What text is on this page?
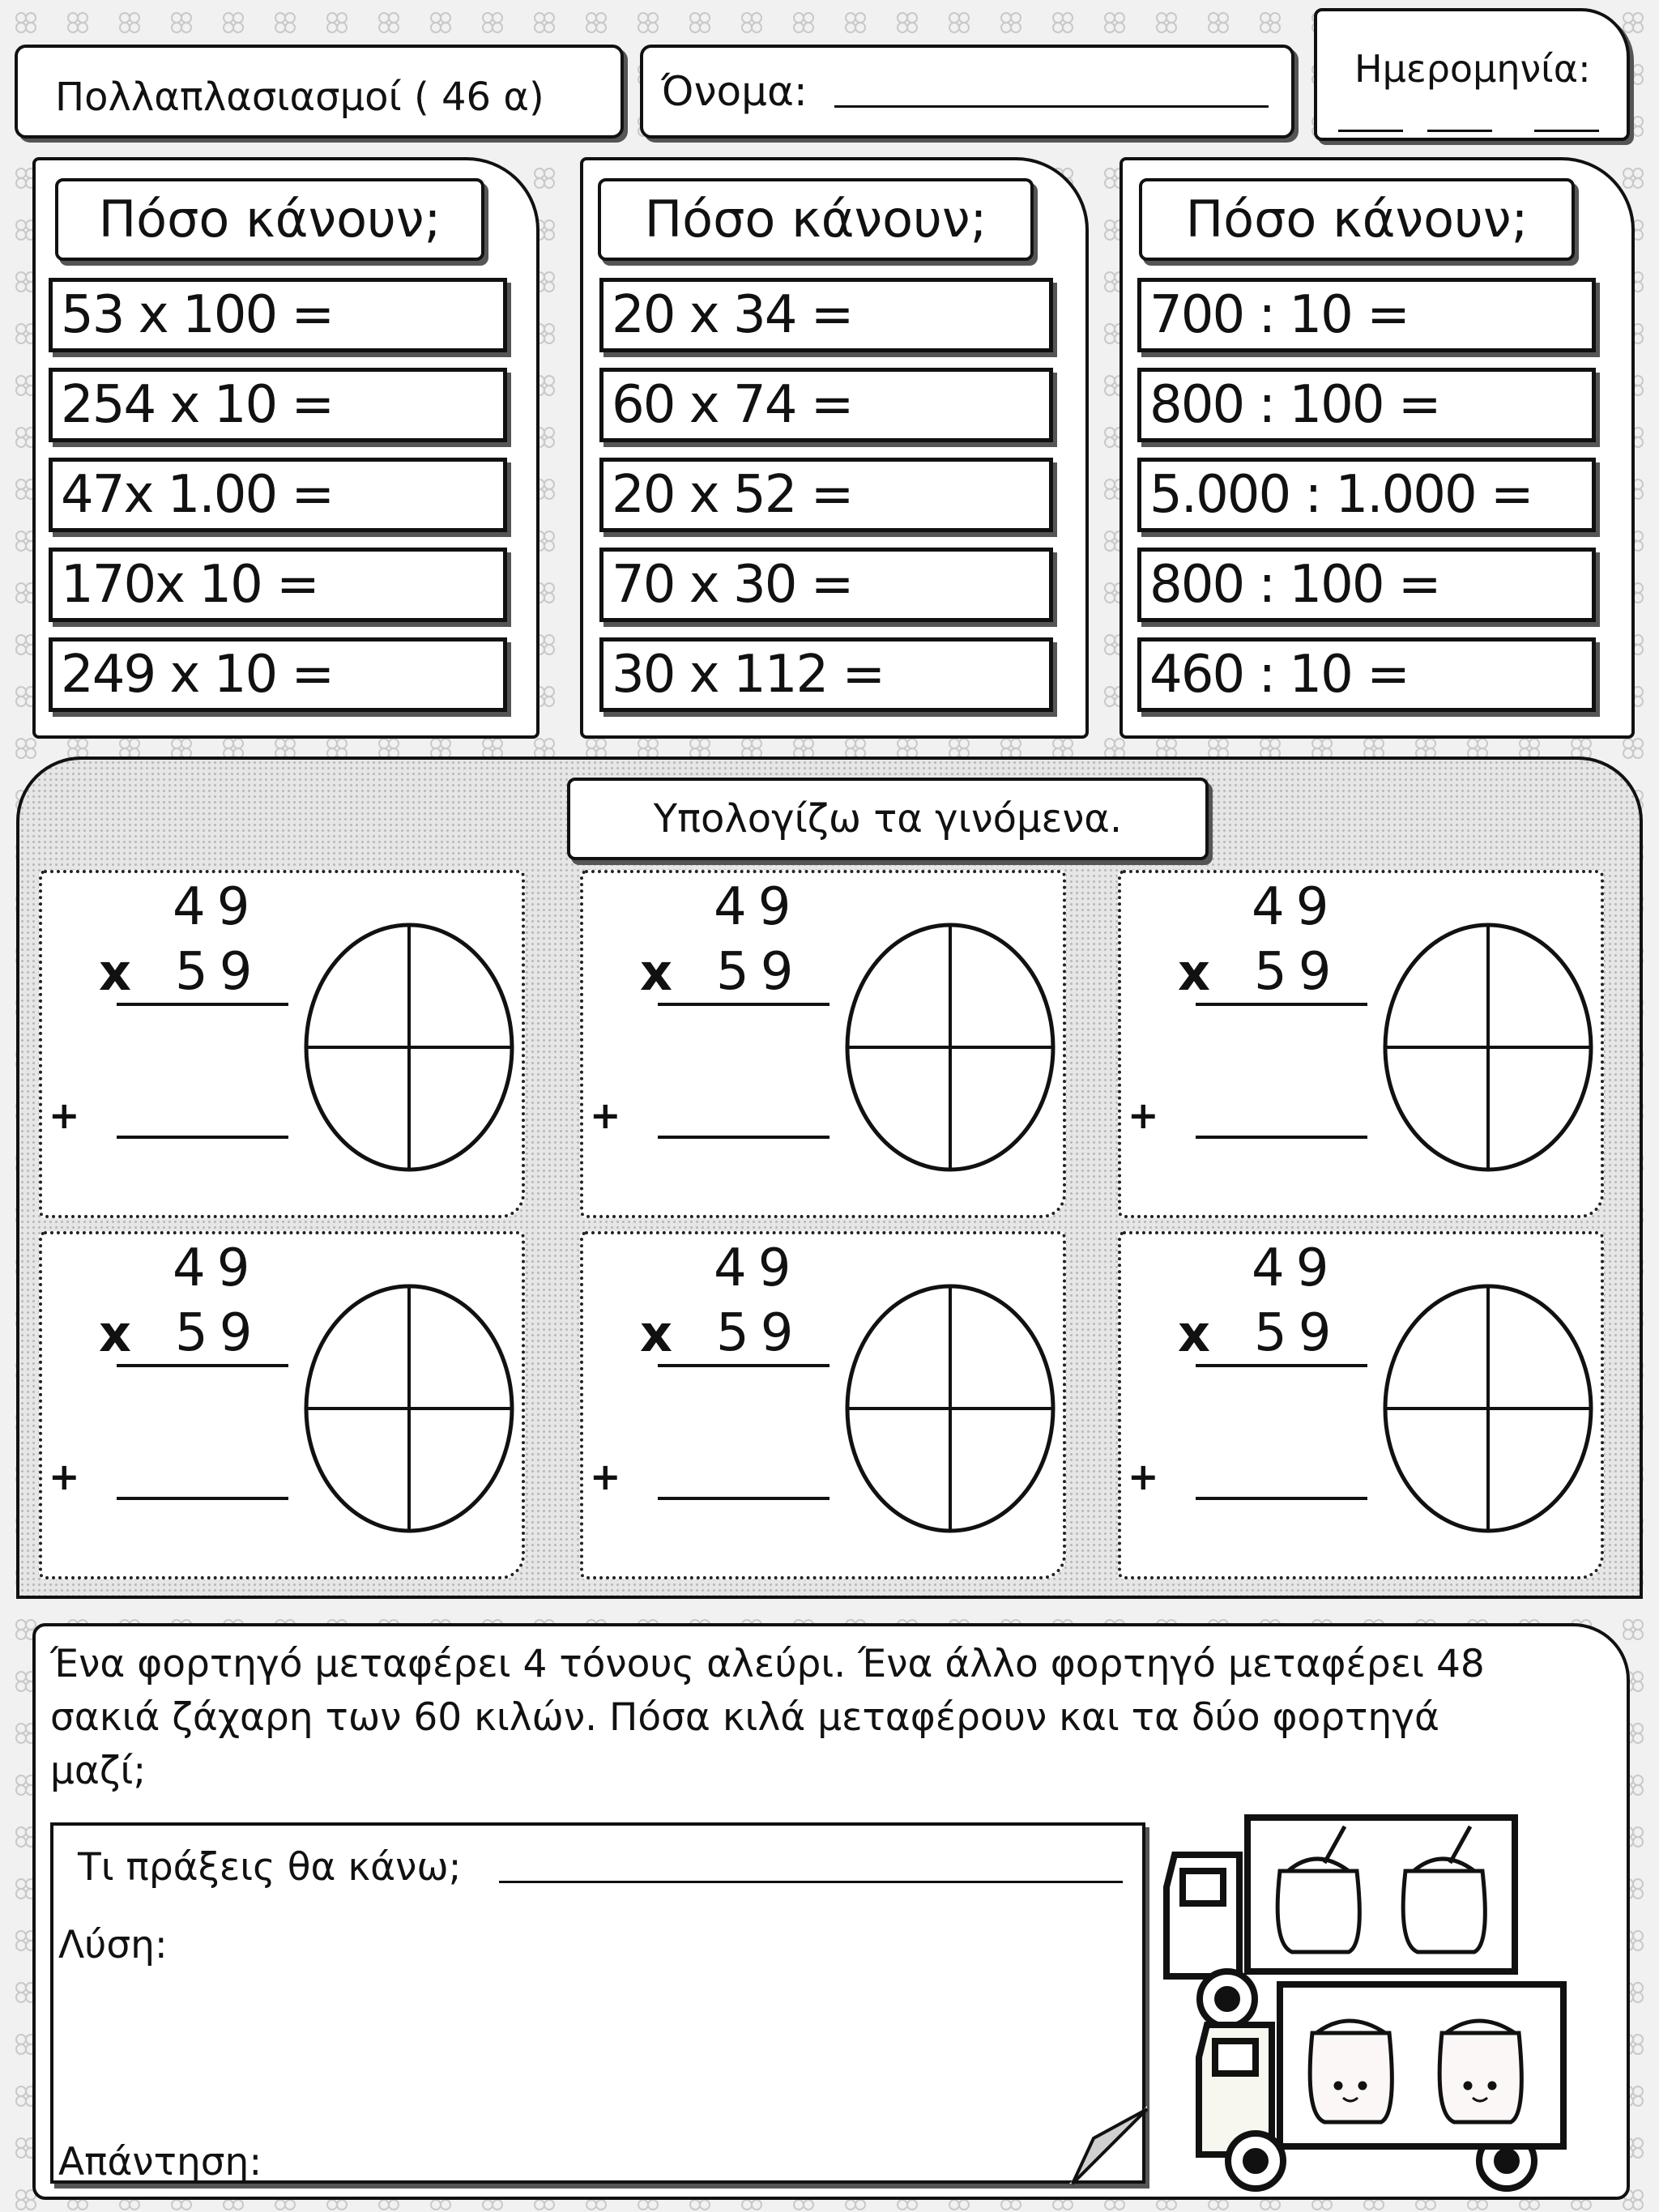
Πολλαπλασιασμοί ( 46 α)	Όνομα:	Ημερομηνία:
Πόσο κάνουν;	Πόσο κάνουν;	Πόσο κάνουν;
53 x 100 =
254 x 10 =
47x 1.00 =
170x 10 =
249 x 10 =
20 x 34 =
60 x 74 =
20 x 52 =
70 x 30 =
30 x 112 =
700 : 10 =
800 : 100 =
5.000 : 1.000 =
800 : 100 =
460 : 10 =
Υπολογίζω τα γινόμενα.
49
x 59
+
49
x 59
+
49
x 59
+
49
x 59
+
49
x 59
+
49
x 59
+
Ένα φορτηγό μεταφέρει 4 τόνους αλεύρι. Ένα άλλο φορτηγό μεταφέρει 48
σακιά ζάχαρη των 60 κιλών. Πόσα κιλά μεταφέρουν και τα δύο φορτηγά
μαζί;
Τι πράξεις θα κάνω;
Λύση:
Απάντηση:
